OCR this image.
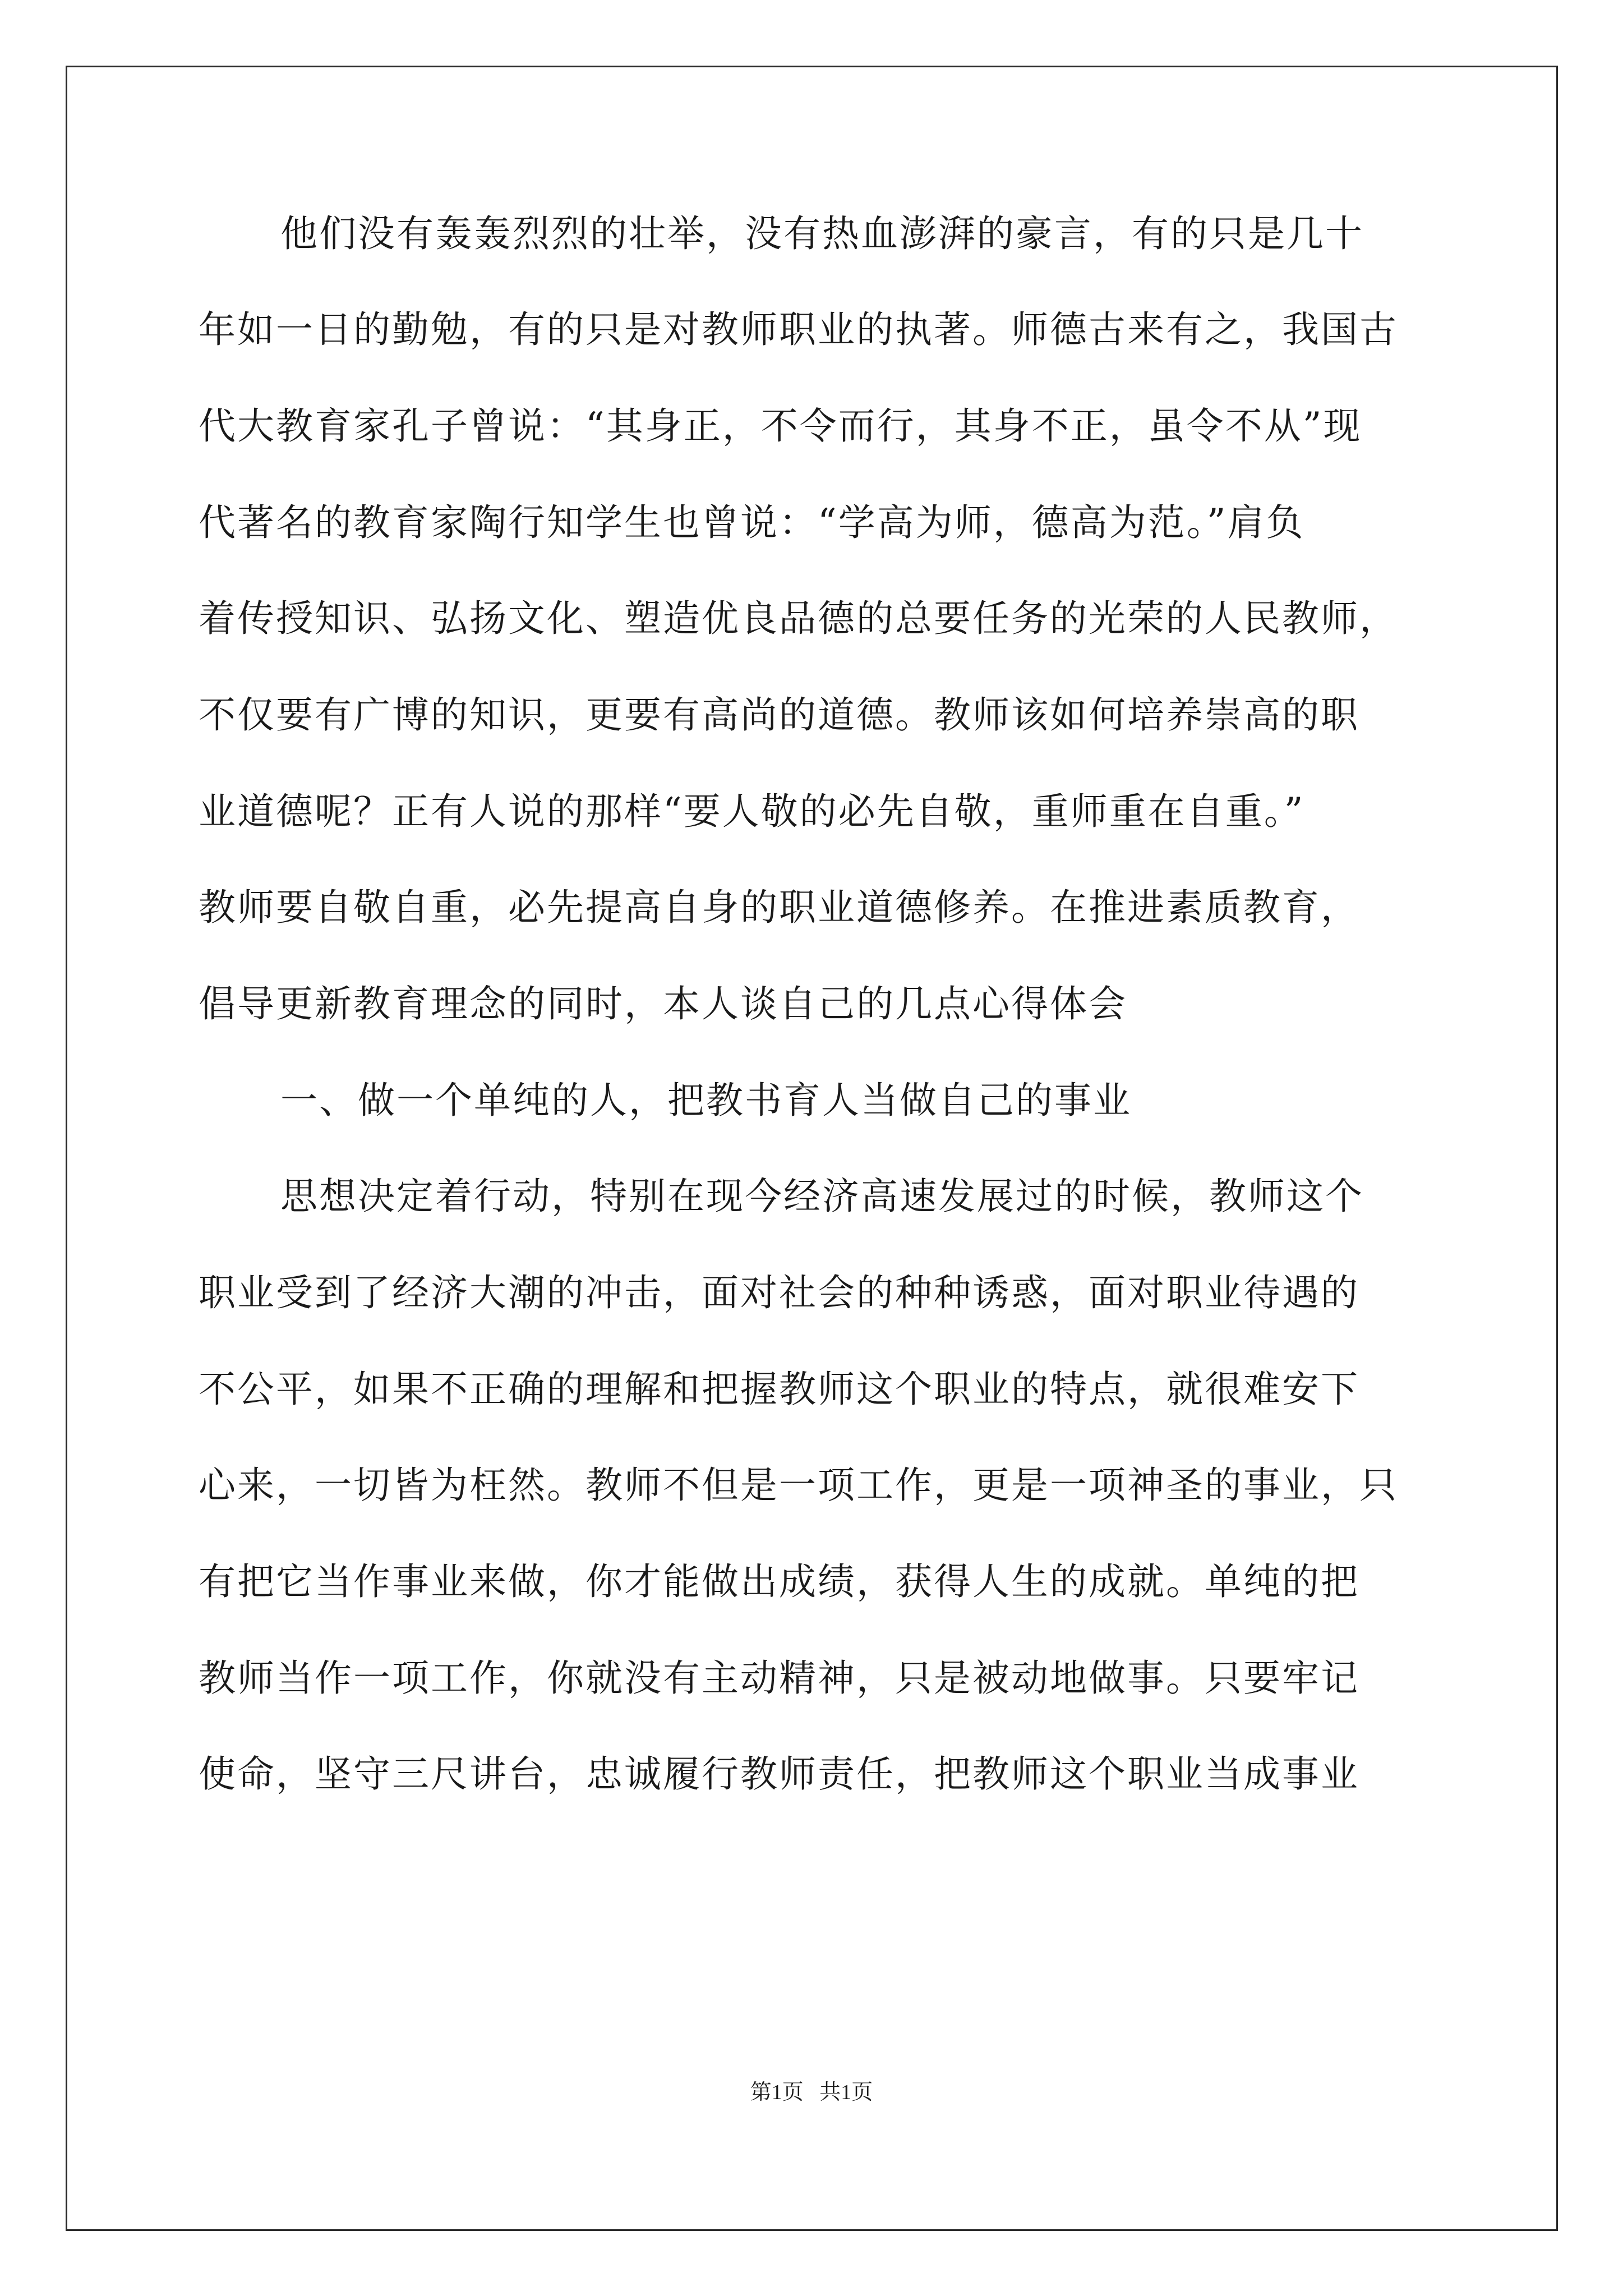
他们没有轰轰烈烈的壮举，没有热血澎湃的豪言，有的只是几十
年如一日的勤勉，有的只是对教师职业的执著。师德古来有之，我国古
代大教育家孔子曾说：“其身正，不令而行，其身不正，虽令不从”现
代著名的教育家陶行知学生也曾说：“学高为师，德高为范。”肩负
着传授知识、弘扬文化、塑造优良品德的总要任务的光荣的人民教师，
不仅要有广博的知识，更要有高尚的道德。教师该如何培养崇高的职
业道德呢？正有人说的那样“要人敬的必先自敬，重师重在自重。”
教师要自敬自重，必先提高自身的职业道德修养。在推进素质教育，
倡导更新教育理念的同时，本人谈自己的几点心得体会
一、做一个单纯的人，把教书育人当做自己的事业
思想决定着行动，特别在现今经济高速发展过的时候，教师这个
职业受到了经济大潮的冲击，面对社会的种种诱惑，面对职业待遇的
不公平，如果不正确的理解和把握教师这个职业的特点，就很难安下
心来，一切皆为枉然。教师不但是一项工作，更是一项神圣的事业，只
有把它当作事业来做，你才能做出成绩，获得人生的成就。单纯的把
教师当作一项工作，你就没有主动精神，只是被动地做事。只要牢记
使命，坚守三尺讲台，忠诚履行教师责任，把教师这个职业当成事业
第1页 共1页
